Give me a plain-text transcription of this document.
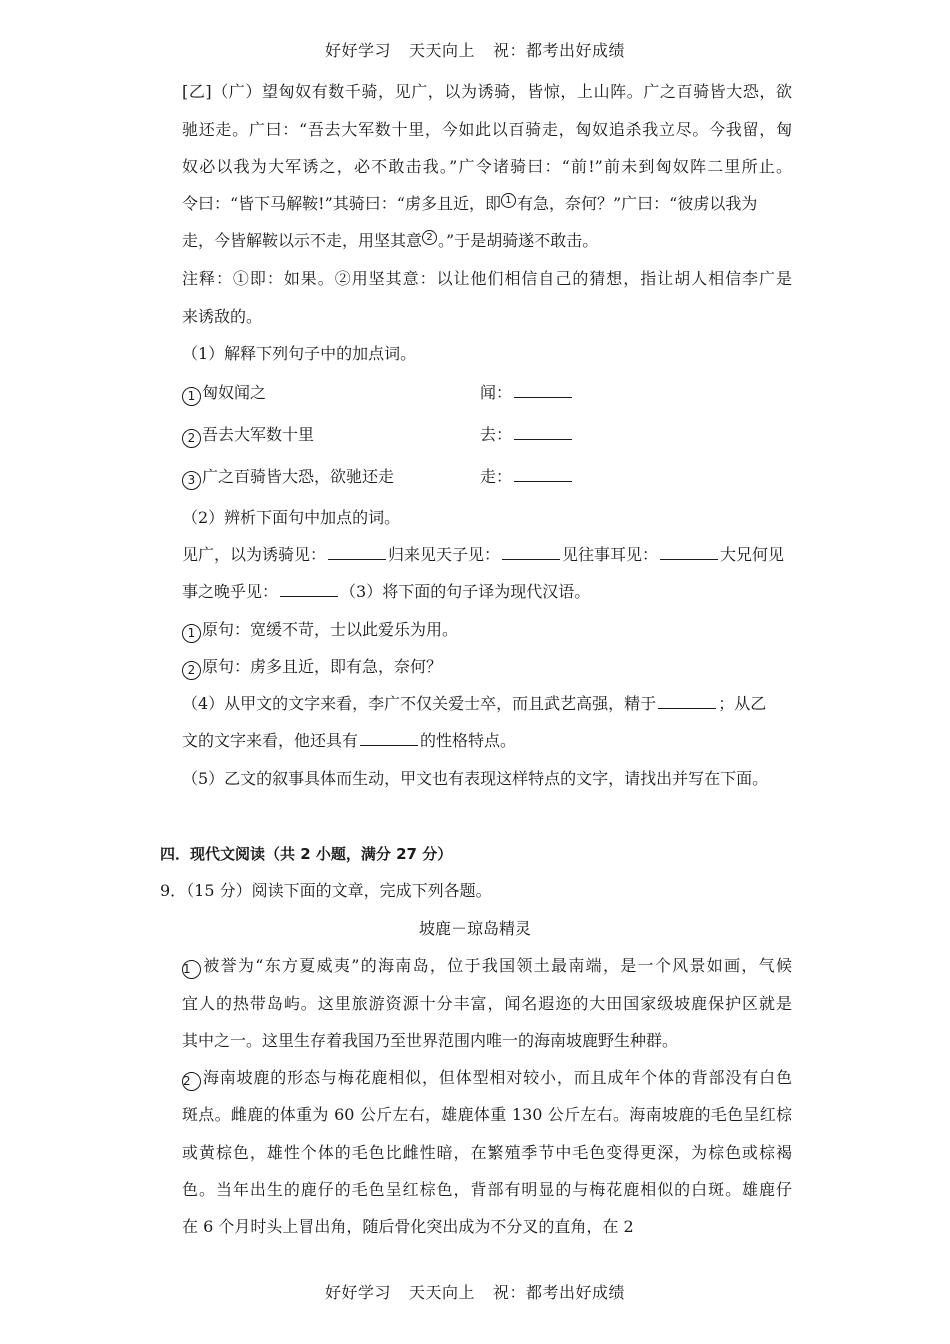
好好学习 天天向上 祝：都考出好成绩
[乙]（广）望匈奴有数千骑，见广，以为诱骑，皆惊，上山阵。广之百骑皆大恐，欲
驰还走。广曰：“吾去大军数十里，今如此以百骑走，匈奴追杀我立尽。今我留，匈
奴必以我为大军诱之，必不敢击我。”广令诸骑曰：“前!”前未到匈奴阵二里所止。
令曰：“皆下马解鞍!”其骑曰：“虏多且近，即 $^1$ 有急，奈何？”广曰：“彼虏以我为
走，今皆解鞍以示不走，用坚其意 $^2$ 。”于是胡骑遂不敢击。
注释：①即：如果。②用坚其意：以让他们相信自己的猜想，指让胡人相信李广是
来诱敌的。
（1）解释下列句子中的加点词。
1 匈奴闻之	闻：
2 吾去大军数十里	去：
3 广之百骑皆大恐，欲驰还走	走：
（2）辨析下面句中加点的词。
见广，以为诱骑见：	归来见天子见：	见往事耳见：	大兄何见
事之晚乎见：	（3）将下面的句子译为现代汉语。
1 原句：宽缓不苛，士以此爱乐为用。
2 原句：虏多且近，即有急，奈何？
（4）从甲文的文字来看，李广不仅关爱士卒，而且武艺高强，精于	；从乙
文的文字来看，他还具有	的性格特点。
（5）乙文的叙事具体而生动，甲文也有表现这样特点的文字，请找出并写在下面。
四．现代文阅读（共 2 小题，满分 27 分）
9．（15 分）阅读下面的文章，完成下列各题。
坡鹿－琼岛精灵
1 被誉为“东方夏威夷”的海南岛，位于我国领土最南端，是一个风景如画，气候
宜人的热带岛屿。这里旅游资源十分丰富，闻名遐迩的大田国家级坡鹿保护区就是
其中之一。这里生存着我国乃至世界范围内唯一的海南坡鹿野生种群。
2 海南坡鹿的形态与梅花鹿相似，但体型相对较小，而且成年个体的背部没有白色
斑点。雌鹿的体重为 60 公斤左右，雄鹿体重 130 公斤左右。海南坡鹿的毛色呈红棕
或黄棕色，雄性个体的毛色比雌性暗，在繁殖季节中毛色变得更深，为棕色或棕褐
色。当年出生的鹿仔的毛色呈红棕色，背部有明显的与梅花鹿相似的白斑。雄鹿仔
在 6 个月时头上冒出角，随后骨化突出成为不分叉的直角，在 2
好好学习 天天向上 祝：都考出好成绩
